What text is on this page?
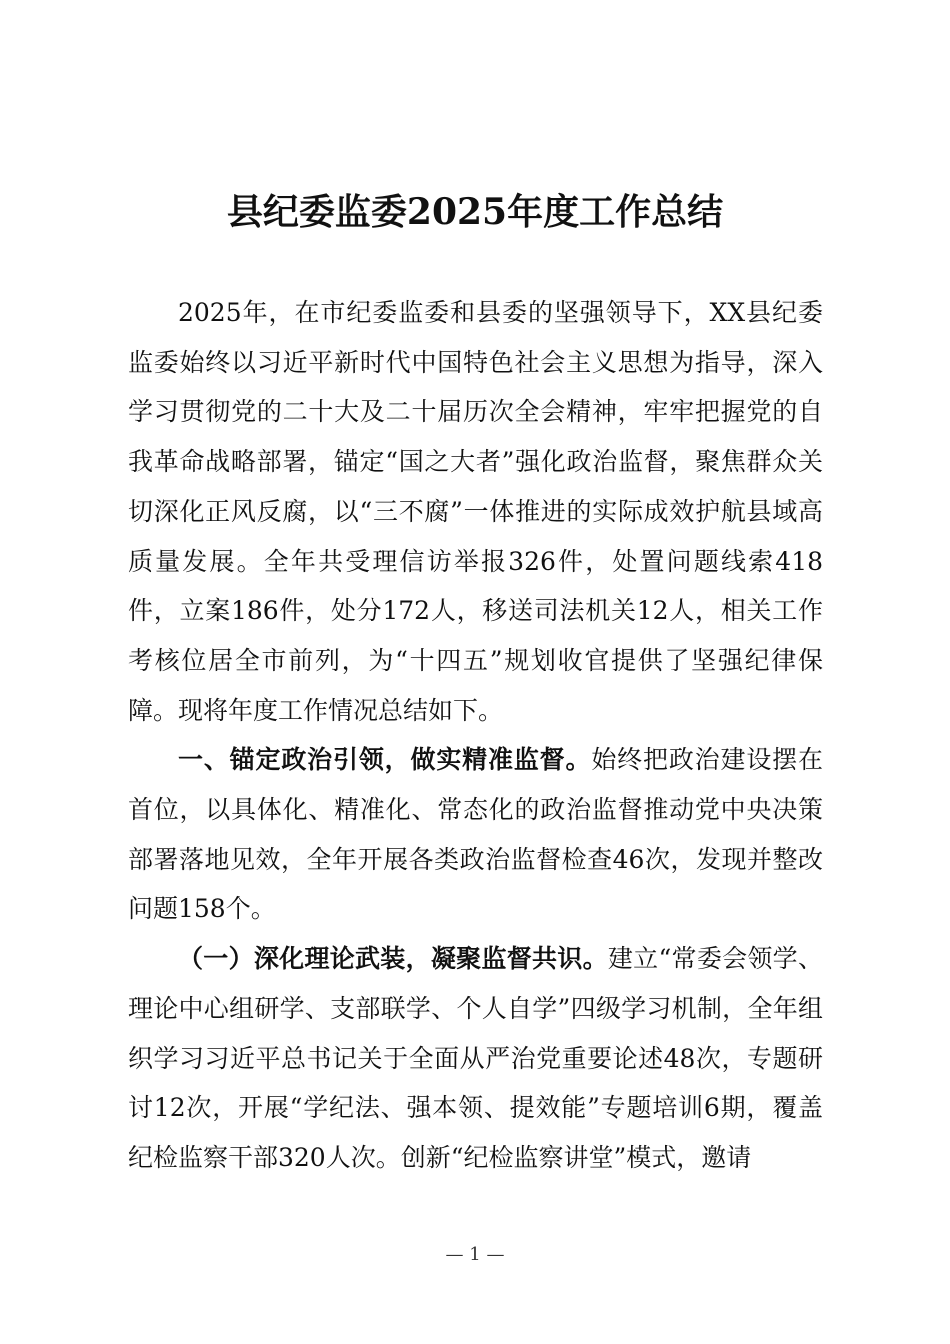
县纪委监委2025年度工作总结

2025年，在市纪委监委和县委的坚强领导下，XX县纪委监委始终以习近平新时代中国特色社会主义思想为指导，深入学习贯彻党的二十大及二十届历次全会精神，牢牢把握党的自我革命战略部署，锚定“国之大者”强化政治监督，聚焦群众关切深化正风反腐，以“三不腐”一体推进的实际成效护航县域高质量发展。全年共受理信访举报326件，处置问题线索418件，立案186件，处分172人，移送司法机关12人，相关工作考核位居全市前列，为“十四五”规划收官提供了坚强纪律保障。现将年度工作情况总结如下。

一、锚定政治引领，做实精准监督。始终把政治建设摆在首位，以具体化、精准化、常态化的政治监督推动党中央决策部署落地见效，全年开展各类政治监督检查46次，发现并整改问题158个。

（一）深化理论武装，凝聚监督共识。建立“常委会领学、理论中心组研学、支部联学、个人自学”四级学习机制，全年组织学习习近平总书记关于全面从严治党重要论述48次，专题研讨12次，开展“学纪法、强本领、提效能”专题培训6期，覆盖纪检监察干部320人次。创新“纪检监察讲堂”模式，邀请

— 1 —
